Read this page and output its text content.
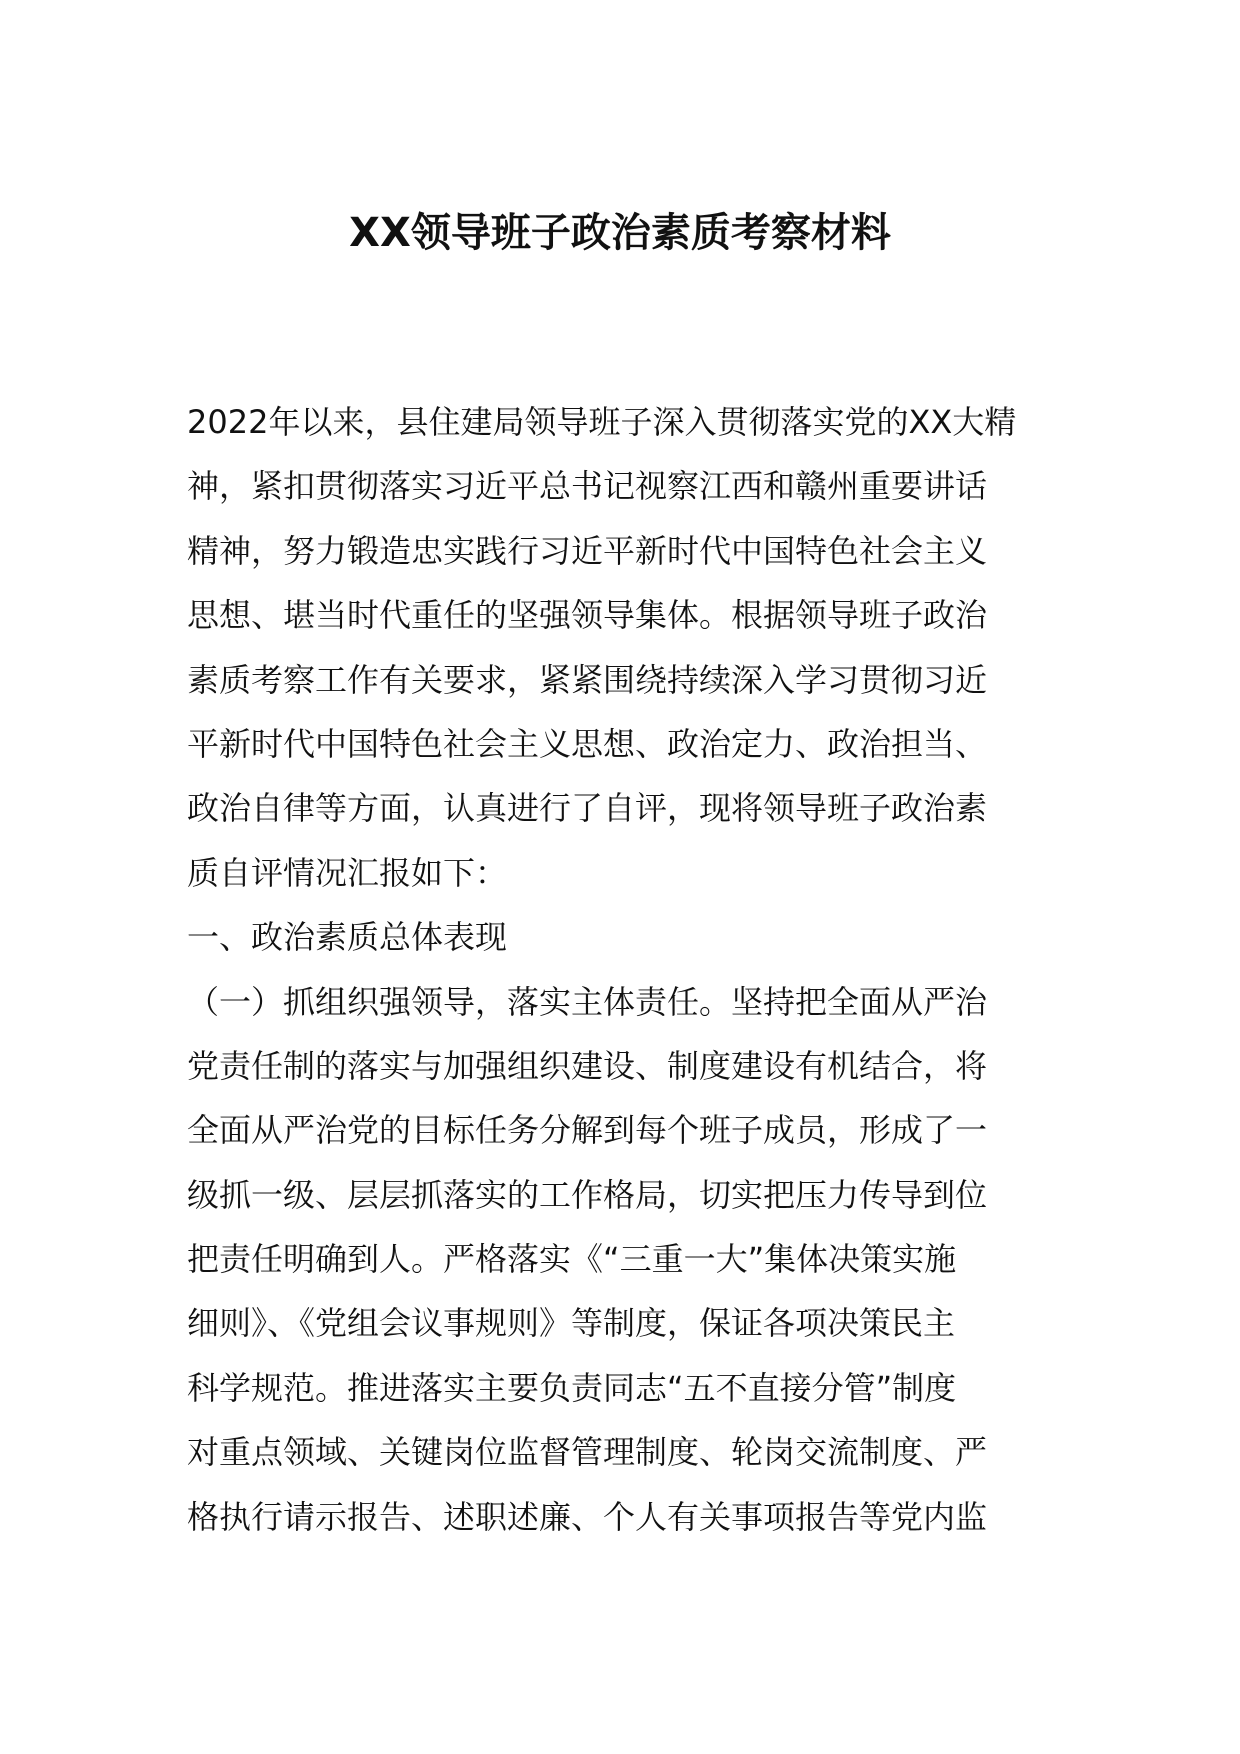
XX领导班子政治素质考察材料
2022年以来，县住建局领导班子深入贯彻落实党的XX大精
神，紧扣贯彻落实习近平总书记视察江西和赣州重要讲话
精神，努力锻造忠实践行习近平新时代中国特色社会主义
思想、堪当时代重任的坚强领导集体。根据领导班子政治
素质考察工作有关要求，紧紧围绕持续深入学习贯彻习近
平新时代中国特色社会主义思想、政治定力、政治担当、
政治自律等方面，认真进行了自评，现将领导班子政治素
质自评情况汇报如下：
一、政治素质总体表现
（一）抓组织强领导，落实主体责任。坚持把全面从严治
党责任制的落实与加强组织建设、制度建设有机结合，将
全面从严治党的目标任务分解到每个班子成员，形成了一
级抓一级、层层抓落实的工作格局，切实把压力传导到位
把责任明确到人。严格落实《“三重一大”集体决策实施
细则》、《党组会议事规则》等制度，保证各项决策民主
科学规范。推进落实主要负责同志“五不直接分管”制度
对重点领域、关键岗位监督管理制度、轮岗交流制度、严
格执行请示报告、述职述廉、个人有关事项报告等党内监
